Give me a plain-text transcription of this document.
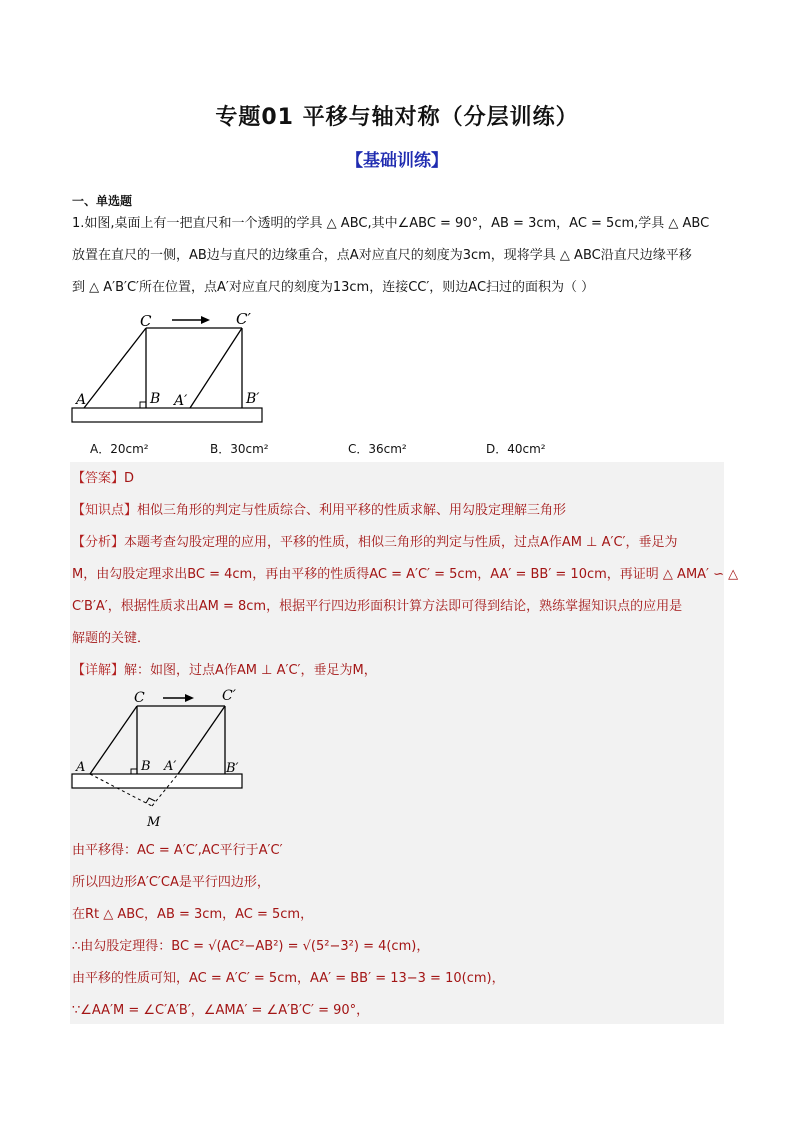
专题01 平移与轴对称（分层训练）
【基础训练】
一、单选题
1.如图,桌面上有一把直尺和一个透明的学具 △ ABC,其中∠ABC = 90°，AB = 3cm，AC = 5cm,学具 △ ABC
放置在直尺的一侧，AB边与直尺的边缘重合，点A对应直尺的刻度为3cm，现将学具 △ ABC沿直尺边缘平移
到 △ A′B′C′所在位置，点A′对应直尺的刻度为13cm，连接CC′，则边AC扫过的面积为（ ）
C	C′
A	B A′	B′
A．20cm²	B．30cm²	C．36cm²	D．40cm²
【答案】D
【知识点】相似三角形的判定与性质综合、利用平移的性质求解、用勾股定理解三角形
【分析】本题考查勾股定理的应用，平移的性质，相似三角形的判定与性质，过点A作AM ⊥ A′C′，垂足为
M，由勾股定理求出BC = 4cm，再由平移的性质得AC = A′C′ = 5cm，AA′ = BB′ = 10cm，再证明 △ AMA′ ∽ △
C′B′A′，根据性质求出AM = 8cm，根据平行四边形面积计算方法即可得到结论，熟练掌握知识点的应用是
解题的关键．
【详解】解：如图，过点A作AM ⊥ A′C′，垂足为M，
C	C′
A	B A′	B′
M
由平移得：AC = A′C′,AC平行于A′C′
所以四边形A′C′CA是平行四边形，
在Rt △ ABC，AB = 3cm，AC = 5cm，
∴由勾股定理得：BC = √(AC²−AB²) = √(5²−3²) = 4(cm)，
由平移的性质可知，AC = A′C′ = 5cm，AA′ = BB′ = 13−3 = 10(cm)，
∵∠AA′M = ∠C′A′B′，∠AMA′ = ∠A′B′C′ = 90°，
